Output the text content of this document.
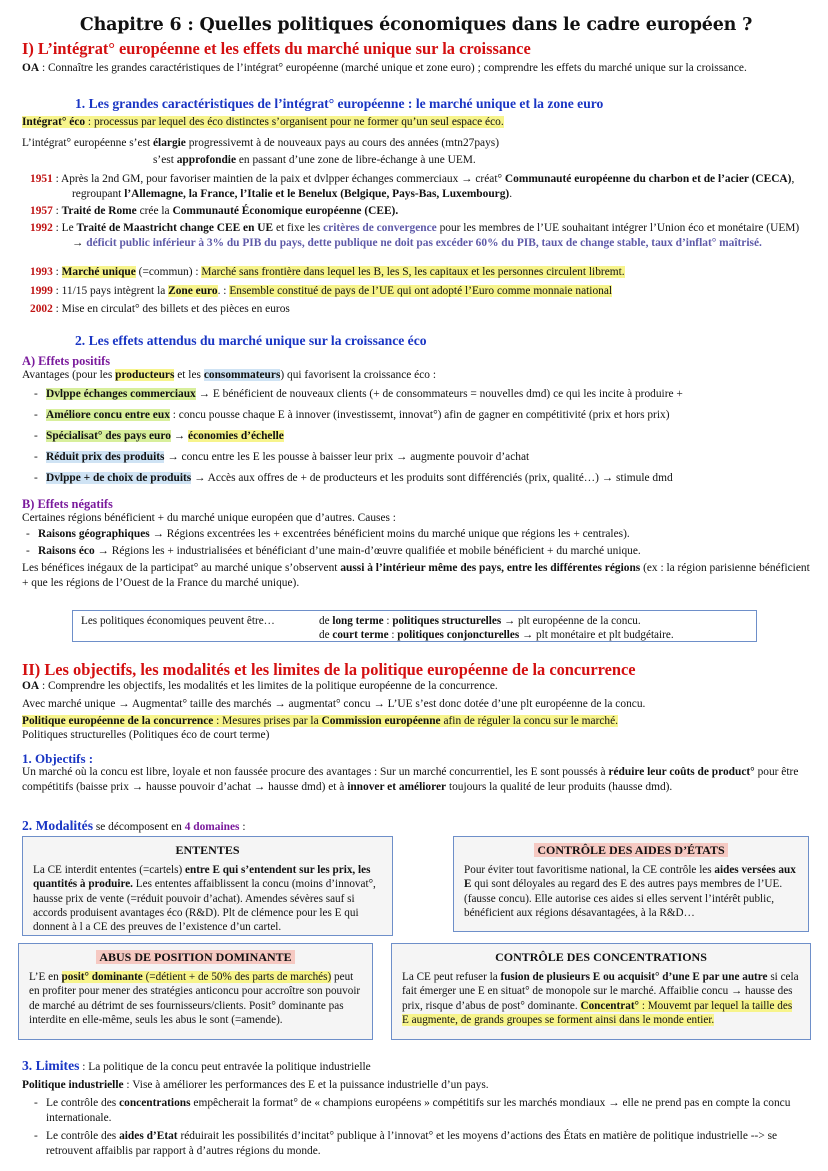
Chapitre 6 : Quelles politiques économiques dans le cadre européen ?
I) L’intégrat° européenne et les effets du marché unique sur la croissance
OA : Connaître les grandes caractéristiques de l’intégrat° européenne (marché unique et zone euro) ; comprendre les effets du marché unique sur la croissance.
1. Les grandes caractéristiques de l’intégrat° européenne : le marché unique et la zone euro
Intégrat° éco : processus par lequel des éco distinctes s’organisent pour ne former qu’un seul espace éco.
L’intégrat° européenne s’est élargie progressivemt à de nouveaux pays au cours des années (mtn27pays)
s’est approfondie en passant d’une zone de libre-échange à une UEM.
1951 : Après la 2nd GM, pour favoriser maintien de la paix et dvlpper échanges commerciaux → créat° Communauté européenne du charbon et de l’acier (CECA), regroupant l’Allemagne, la France, l’Italie et le Benelux (Belgique, Pays-Bas, Luxembourg).
1957 : Traité de Rome crée la Communauté Économique européenne (CEE).
1992 : Le Traité de Maastricht change CEE en UE et fixe les critères de convergence pour les membres de l’UE souhaitant intégrer l’Union éco et monétaire (UEM) → déficit public inférieur à 3% du PIB du pays, dette publique ne doit pas excéder 60% du PIB, taux de change stable, taux d’inflat° maîtrisé.
1993 : Marché unique (=commun) : Marché sans frontière dans lequel les B, les S, les capitaux et les personnes circulent libremt.
1999 : 11/15 pays intègrent la Zone euro. : Ensemble constitué de pays de l’UE qui ont adopté l’Euro comme monnaie national
2002 : Mise en circulat° des billets et des pièces en euros
2. Les effets attendus du marché unique sur la croissance éco
A) Effets positifs
Avantages (pour les producteurs et les consommateurs) qui favorisent la croissance éco :
- Dvlppe échanges commerciaux → E bénéficient de nouveaux clients (+ de consommateurs = nouvelles dmd) ce qui les incite à produire +
- Améliore concu entre eux : concu pousse chaque E à innover (investissemt, innovat°) afin de gagner en compétitivité (prix et hors prix)
- Spécialisat° des pays euro → économies d’échelle
- Réduit prix des produits → concu entre les E les pousse à baisser leur prix → augmente pouvoir d’achat
- Dvlppe + de choix de produits → Accès aux offres de + de producteurs et les produits sont différenciés (prix, qualité…) → stimule dmd
B) Effets négatifs
Certaines régions bénéficient + du marché unique européen que d’autres. Causes :
- Raisons géographiques → Régions excentrées les + excentrées bénéficient moins du marché unique que régions les + centrales).
- Raisons éco → Régions les + industrialisées et bénéficiant d’une main-d’œuvre qualifiée et mobile bénéficient + du marché unique.
Les bénéfices inégaux de la participat° au marché unique s’observent aussi à l’intérieur même des pays, entre les différentes régions (ex : la région parisienne bénéficient + que les régions de l’Ouest de la France du marché unique).
Les politiques économiques peuvent être…	de long terme : politiques structurelles → plt européenne de la concu.
de court terme : politiques conjoncturelles → plt monétaire et plt budgétaire.
II) Les objectifs, les modalités et les limites de la politique européenne de la concurrence
OA : Comprendre les objectifs, les modalités et les limites de la politique européenne de la concurrence.
Avec marché unique → Augmentat° taille des marchés → augmentat° concu → L’UE s’est donc dotée d’une plt européenne de la concu.
Politique européenne de la concurrence : Mesures prises par la Commission européenne afin de réguler la concu sur le marché.
Politiques structurelles (Politiques éco de court terme)
1. Objectifs :
Un marché où la concu est libre, loyale et non faussée procure des avantages : Sur un marché concurrentiel, les E sont poussés à réduire leur coûts de product° pour être compétitifs (baisse prix → hausse pouvoir d’achat → hausse dmd) et à innover et améliorer toujours la qualité de leur produits (hausse dmd).
2. Modalités se décomposent en 4 domaines :
ENTENTES
La CE interdit ententes (=cartels) entre E qui s’entendent sur les prix, les quantités à produire. Les ententes affaiblissent la concu (moins d’innovat°, hausse prix de vente (=réduit pouvoir d’achat). Amendes sévères sauf si accords produisent avantages éco (R&D). Plt de clémence pour les E qui donnent à l a CE des preuves de l’existence d’un cartel.
CONTRÔLE DES AIDES D’ÉTATS
Pour éviter tout favoritisme national, la CE contrôle les aides versées aux E qui sont déloyales au regard des E des autres pays membres de l’UE. (fausse concu). Elle autorise ces aides si elles servent l’intérêt public, bénéficient aux régions désavantagées, à la R&D…
ABUS DE POSITION DOMINANTE
L’E en posit° dominante (=détient + de 50% des parts de marchés) peut en profiter pour mener des stratégies anticoncu pour accroître son pouvoir de marché au détrimt de ses fournisseurs/clients. Posit° dominante pas interdite en elle-même, seuls les abus le sont (=amende).
CONTRÔLE DES CONCENTRATIONS
La CE peut refuser la fusion de plusieurs E ou acquisit° d’une E par une autre si cela fait émerger une E en situat° de monopole sur le marché. Affaiblie concu → hausse des prix, risque d’abus de post° dominante. Concentrat° : Mouvemt par lequel la taille des E augmente, de grands groupes se forment ainsi dans le monde entier.
3. Limites : La politique de la concu peut entravée la politique industrielle
Politique industrielle : Vise à améliorer les performances des E et la puissance industrielle d’un pays.
- Le contrôle des concentrations empêcherait la format° de « champions européens » compétitifs sur les marchés mondiaux → elle ne prend pas en compte la concu internationale.
- Le contrôle des aides d’Etat réduirait les possibilités d’incitat° publique à l’innovat° et les moyens d’actions des États en matière de politique industrielle --> se retrouvent affaiblis par rapport à d’autres régions du monde.
